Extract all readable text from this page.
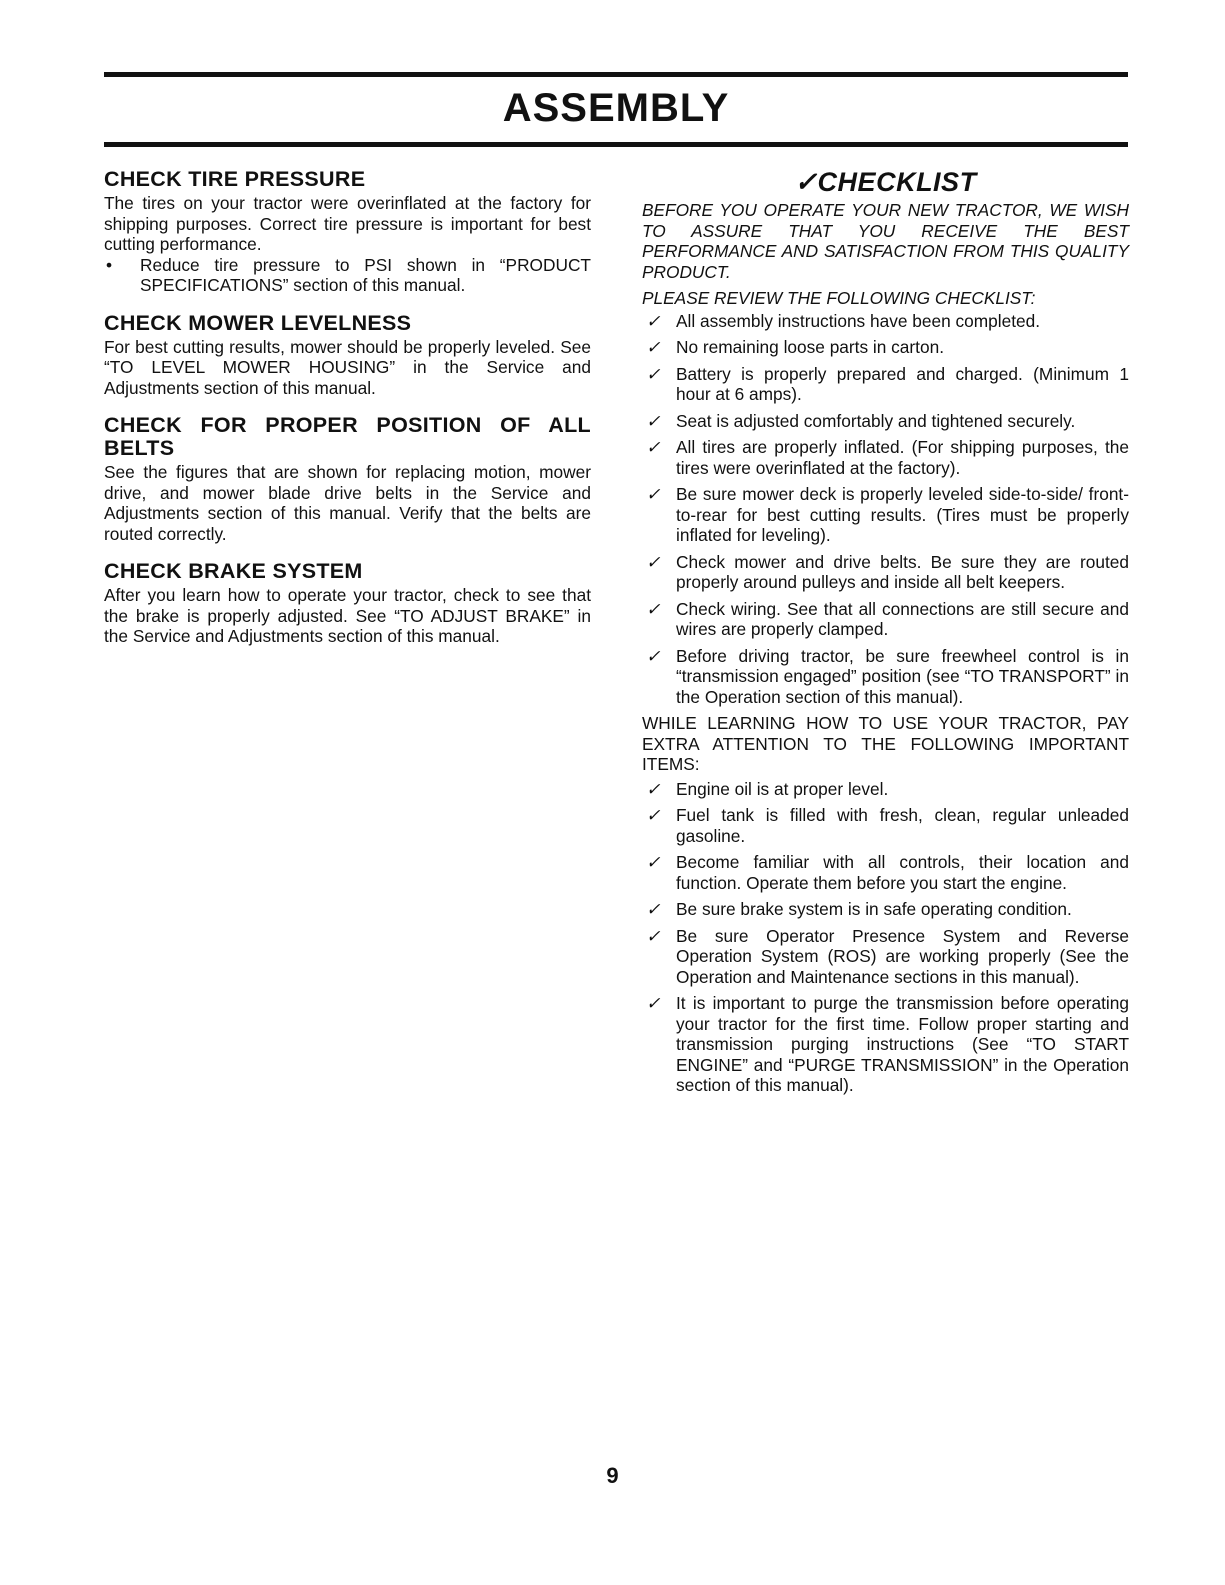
ASSEMBLY
CHECK TIRE PRESSURE

The tires on your tractor were overinflated at the factory for shipping purposes. Correct tire pressure is important for best cutting performance.

•	Reduce tire pressure to PSI shown in “PRODUCT SPECIFICATIONS” section of this manual.
CHECK MOWER LEVELNESS

For best cutting results, mower should be properly leveled. See “TO LEVEL MOWER HOUSING” in the Service and Adjustments section of this manual.

CHECK FOR PROPER POSITION OF ALL BELTS

See the figures that are shown for replacing motion, mower drive, and mower blade drive belts in the Service and Adjustments section of this manual. Verify that the belts are routed correctly.

CHECK BRAKE SYSTEM

After you learn how to operate your tractor, check to see that the brake is properly adjusted. See “TO ADJUST BRAKE” in the Service and Adjustments section of this manual.

✓CHECKLIST

BEFORE YOU OPERATE YOUR NEW TRACTOR, WE WISH TO ASSURE THAT YOU RECEIVE THE BEST PERFORMANCE AND SATISFACTION FROM THIS QUALITY PRODUCT.

PLEASE REVIEW THE FOLLOWING CHECKLIST:

✓ All assembly instructions have been completed.
✓ No remaining loose parts in carton.
✓ Battery is properly prepared and charged. (Minimum 1 hour at 6 amps).
✓ Seat is adjusted comfortably and tightened securely.
✓ All tires are properly inflated. (For shipping purposes, the tires were overinflated at the factory).
✓ Be sure mower deck is properly leveled side-to-side/ front-to-rear for best cutting results. (Tires must be properly inflated for leveling).
✓ Check mower and drive belts. Be sure they are routed properly around pulleys and inside all belt keepers.
✓ Check wiring. See that all connections are still secure and wires are properly clamped.
✓ Before driving tractor, be sure freewheel control is in “transmission engaged” position (see “TO TRANSPORT” in the Operation section of this manual).

WHILE LEARNING HOW TO USE YOUR TRACTOR, PAY EXTRA ATTENTION TO THE FOLLOWING IMPORTANT ITEMS:

✓ Engine oil is at proper level.
✓ Fuel tank is filled with fresh, clean, regular unleaded gasoline.
✓ Become familiar with all controls, their location and function. Operate them before you start the engine.
✓ Be sure brake system is in safe operating condition.
✓ Be sure Operator Presence System and Reverse Operation System (ROS) are working properly (See the Operation and Maintenance sections in this manual).
✓ It is important to purge the transmission before operating your tractor for the first time. Follow proper starting and transmission purging instructions (See “TO START ENGINE” and “PURGE TRANSMISSION” in the Operation section of this manual).
9
